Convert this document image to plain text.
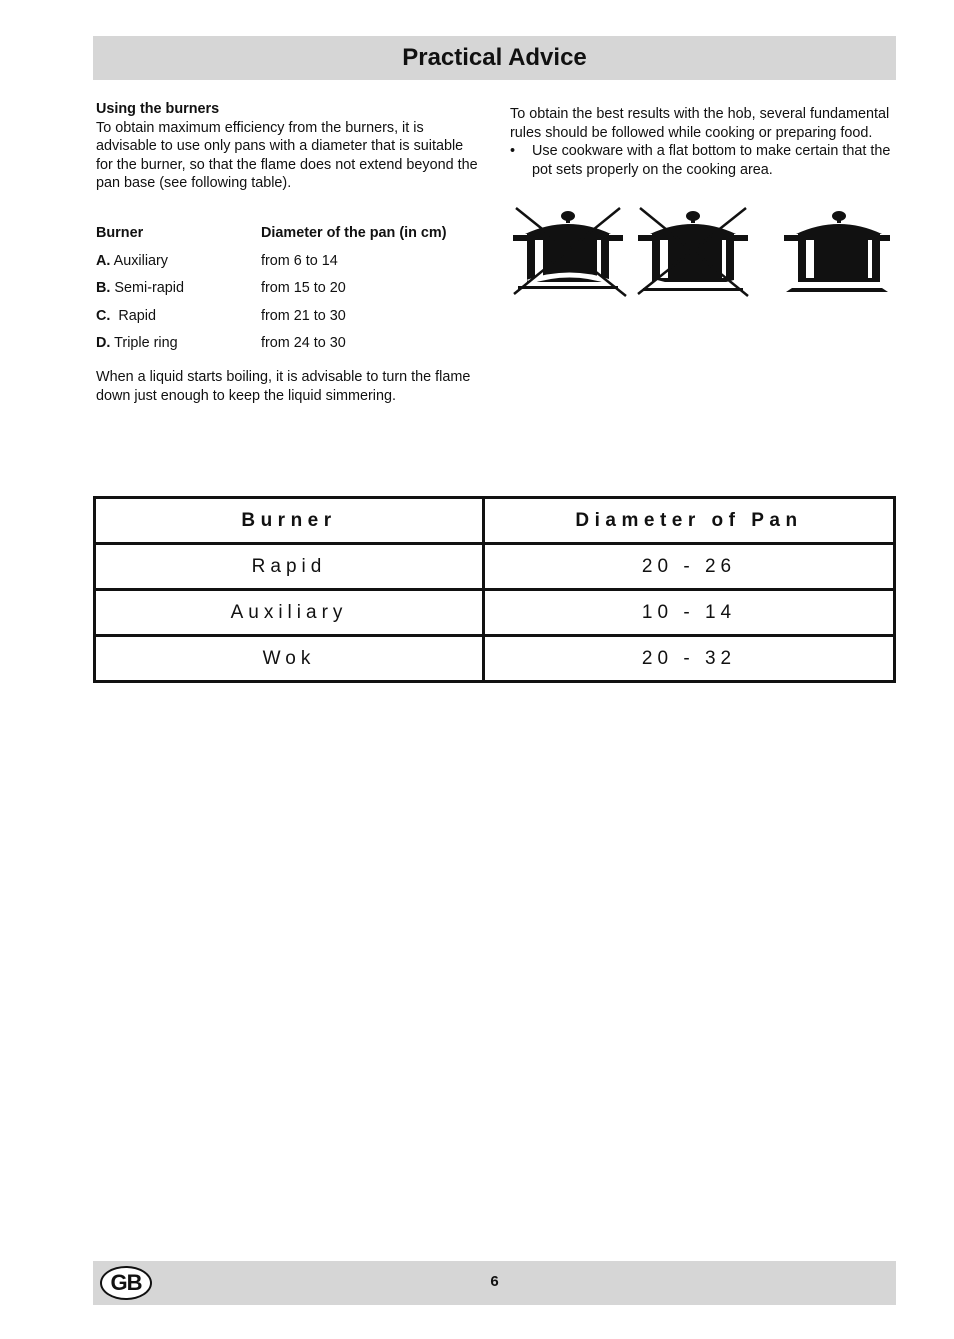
Practical Advice

Using the burners

To obtain maximum efficiency from the burners, it is advisable to use only pans with a diameter that is suitable for the burner, so that the flame does not extend beyond the pan base (see following table).

Burner	Diameter of the pan (in cm)
A. Auxiliary	from 6 to 14
B. Semi-rapid	from 15 to 20
C. Rapid	from 21 to 30
D. Triple ring	from 24 to 30

When a liquid starts boiling, it is advisable to turn the flame down just enough to keep the liquid simmering.

To obtain the best results with the hob, several fundamental rules should be followed while cooking or preparing food.

•	Use cookware with a flat bottom to make certain that the pot sets properly on the cooking area.
Burner	Diameter of Pan
Rapid	20 - 26
Auxiliary	10 - 14
Wok	20 - 32
GB	6
